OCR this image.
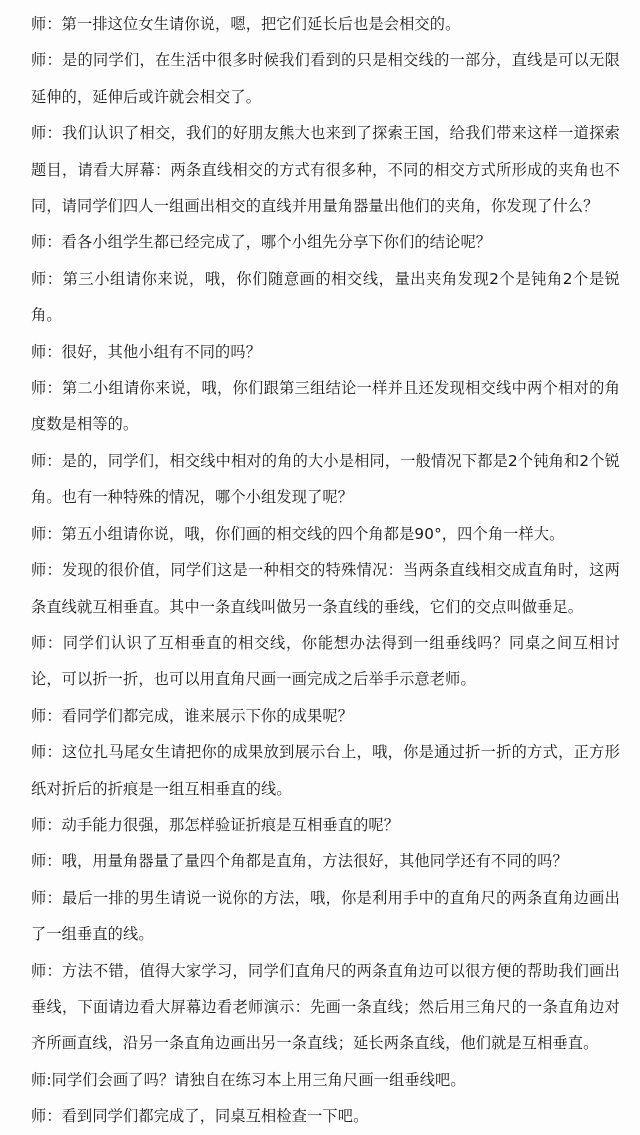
师：第一排这位女生请你说，嗯，把它们延长后也是会相交的。

师：是的同学们，在生活中很多时候我们看到的只是相交线的一部分，直线是可以无限延伸的，延伸后或许就会相交了。

师：我们认识了相交，我们的好朋友熊大也来到了探索王国，给我们带来这样一道探索题目，请看大屏幕：两条直线相交的方式有很多种，不同的相交方式所形成的夹角也不同，请同学们四人一组画出相交的直线并用量角器量出他们的夹角，你发现了什么？

师：看各小组学生都已经完成了，哪个小组先分享下你们的结论呢？

师：第三小组请你来说，哦，你们随意画的相交线，量出夹角发现2个是钝角2个是锐角。

师：很好，其他小组有不同的吗？

师：第二小组请你来说，哦，你们跟第三组结论一样并且还发现相交线中两个相对的角度数是相等的。

师：是的，同学们，相交线中相对的角的大小是相同，一般情况下都是2个钝角和2个锐角。也有一种特殊的情况，哪个小组发现了呢？

师：第五小组请你说，哦，你们画的相交线的四个角都是90°，四个角一样大。

师：发现的很价值，同学们这是一种相交的特殊情况：当两条直线相交成直角时，这两条直线就互相垂直。其中一条直线叫做另一条直线的垂线，它们的交点叫做垂足。

师：同学们认识了互相垂直的相交线，你能想办法得到一组垂线吗？同桌之间互相讨论，可以折一折，也可以用直角尺画一画完成之后举手示意老师。

师：看同学们都完成，谁来展示下你的成果呢？

师：这位扎马尾女生请把你的成果放到展示台上，哦，你是通过折一折的方式，正方形纸对折后的折痕是一组互相垂直的线。

师：动手能力很强，那怎样验证折痕是互相垂直的呢？

师：哦，用量角器量了量四个角都是直角，方法很好，其他同学还有不同的吗？

师：最后一排的男生请说一说你的方法，哦，你是利用手中的直角尺的两条直角边画出了一组垂直的线。

师：方法不错，值得大家学习，同学们直角尺的两条直角边可以很方便的帮助我们画出垂线，下面请边看大屏幕边看老师演示：先画一条直线；然后用三角尺的一条直角边对齐所画直线，沿另一条直角边画出另一条直线；延长两条直线，他们就是互相垂直。

师:同学们会画了吗？请独自在练习本上用三角尺画一组垂线吧。

师：看到同学们都完成了，同桌互相检查一下吧。
